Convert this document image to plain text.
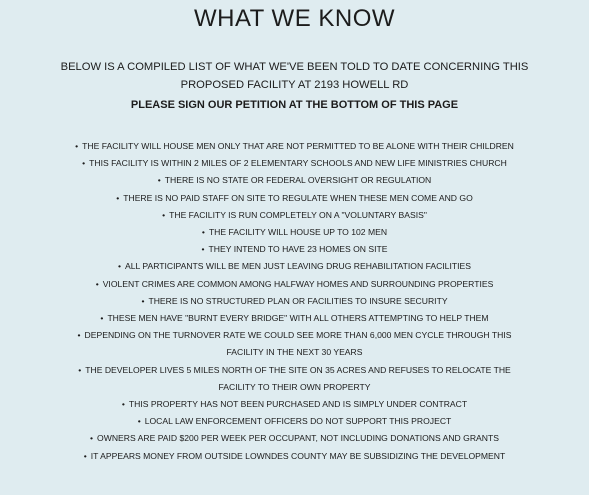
WHAT WE KNOW

BELOW IS A COMPILED LIST OF WHAT WE'VE BEEN TOLD TO DATE CONCERNING THIS PROPOSED FACILITY AT 2193 HOWELL RD

PLEASE SIGN OUR PETITION AT THE BOTTOM OF THIS PAGE
• THE FACILITY WILL HOUSE MEN ONLY THAT ARE NOT PERMITTED TO BE ALONE WITH THEIR CHILDREN
• THIS FACILITY IS WITHIN 2 MILES OF 2 ELEMENTARY SCHOOLS AND NEW LIFE MINISTRIES CHURCH
• THERE IS NO STATE OR FEDERAL OVERSIGHT OR REGULATION
• THERE IS NO PAID STAFF ON SITE TO REGULATE WHEN THESE MEN COME AND GO
• THE FACILITY IS RUN COMPLETELY ON A "VOLUNTARY BASIS"
• THE FACILITY WILL HOUSE UP TO 102 MEN
• THEY INTEND TO HAVE 23 HOMES ON SITE
• ALL PARTICIPANTS WILL BE MEN JUST LEAVING DRUG REHABILITATION FACILITIES
• VIOLENT CRIMES ARE COMMON AMONG HALFWAY HOMES AND SURROUNDING PROPERTIES
• THERE IS NO STRUCTURED PLAN OR FACILITIES TO INSURE SECURITY
• THESE MEN HAVE "BURNT EVERY BRIDGE" WITH ALL OTHERS ATTEMPTING TO HELP THEM
• DEPENDING ON THE TURNOVER RATE WE COULD SEE MORE THAN 6,000 MEN CYCLE THROUGH THIS FACILITY IN THE NEXT 30 YEARS
• THE DEVELOPER LIVES 5 MILES NORTH OF THE SITE ON 35 ACRES AND REFUSES TO RELOCATE THE FACILITY TO THEIR OWN PROPERTY
• THIS PROPERTY HAS NOT BEEN PURCHASED AND IS SIMPLY UNDER CONTRACT
• LOCAL LAW ENFORCEMENT OFFICERS DO NOT SUPPORT THIS PROJECT
• OWNERS ARE PAID $200 PER WEEK PER OCCUPANT, NOT INCLUDING DONATIONS AND GRANTS
• IT APPEARS MONEY FROM OUTSIDE LOWNDES COUNTY MAY BE SUBSIDIZING THE DEVELOPMENT
